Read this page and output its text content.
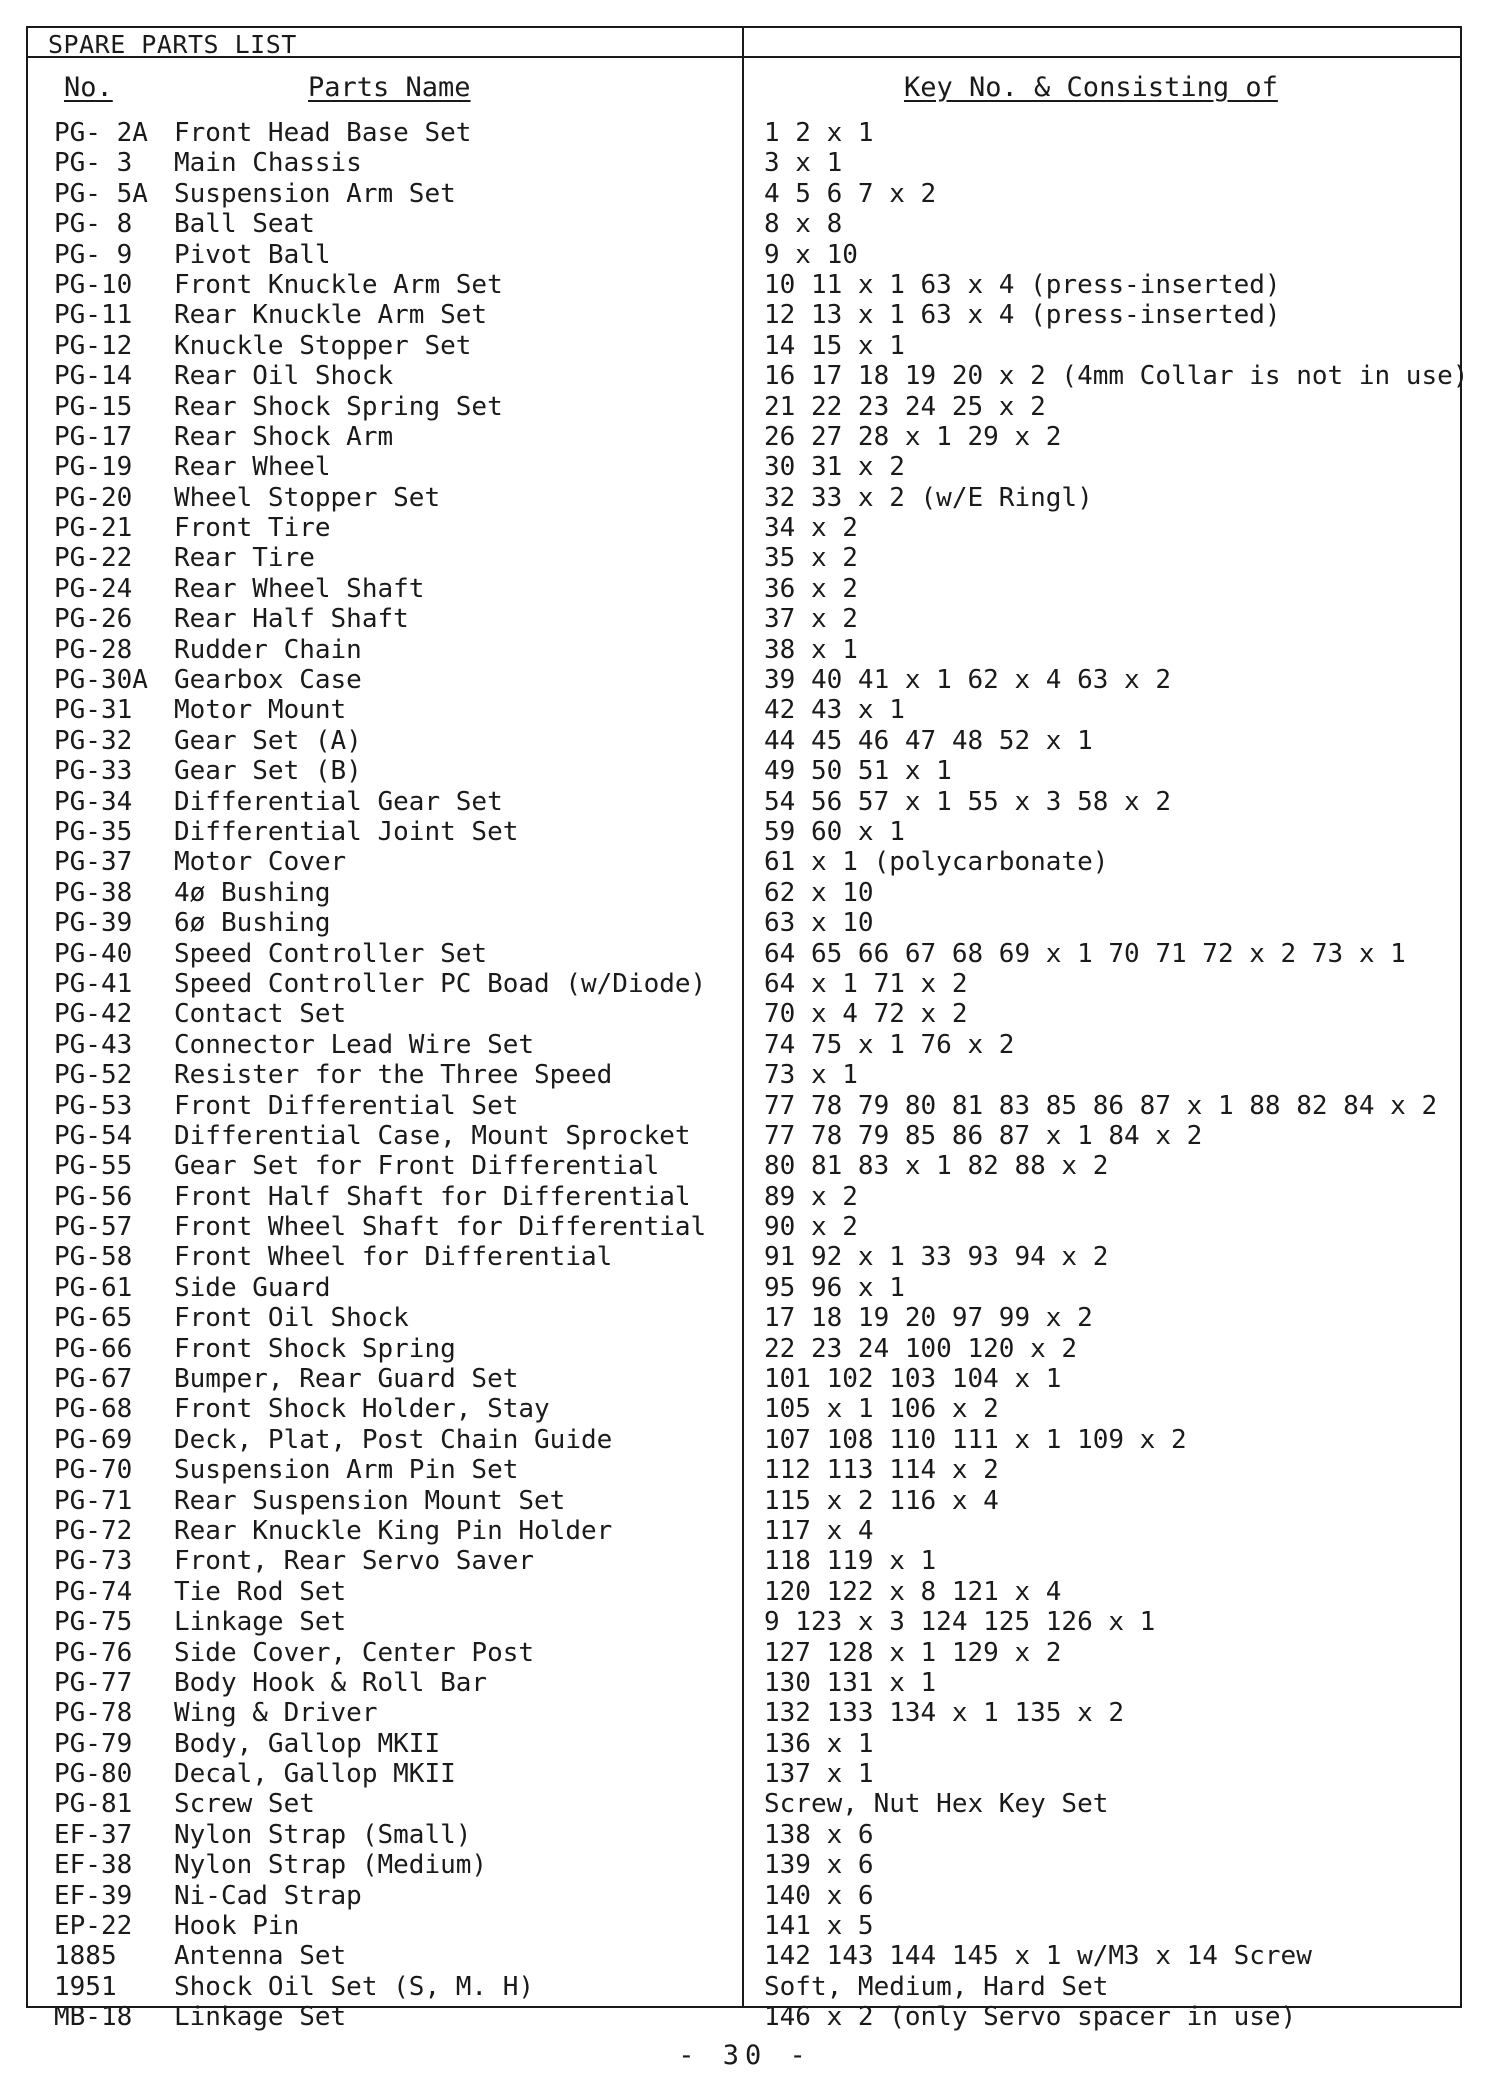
SPARE PARTS LIST
No.	Parts Name	Key No. & Consisting of
PG- 2A Front Head Base Set	1 2 x 1
PG- 3 Main Chassis	3 x 1
PG- 5A Suspension Arm Set	4 5 6 7 x 2
PG- 8 Ball Seat	8 x 8
PG- 9 Pivot Ball	9 x 10
PG-10 Front Knuckle Arm Set	10 11 x 1 63 x 4 (press-inserted)
PG-11 Rear Knuckle Arm Set	12 13 x 1 63 x 4 (press-inserted)
PG-12 Knuckle Stopper Set	14 15 x 1
PG-14 Rear Oil Shock	16 17 18 19 20 x 2 (4mm Collar is not in use)
PG-15 Rear Shock Spring Set	21 22 23 24 25 x 2
PG-17 Rear Shock Arm	26 27 28 x 1 29 x 2
PG-19 Rear Wheel	30 31 x 2
PG-20 Wheel Stopper Set	32 33 x 2 (w/E Ringl)
PG-21 Front Tire	34 x 2
PG-22 Rear Tire	35 x 2
PG-24 Rear Wheel Shaft	36 x 2
PG-26 Rear Half Shaft	37 x 2
PG-28 Rudder Chain	38 x 1
PG-30A Gearbox Case	39 40 41 x 1 62 x 4 63 x 2
PG-31 Motor Mount	42 43 x 1
PG-32 Gear Set (A)	44 45 46 47 48 52 x 1
PG-33 Gear Set (B)	49 50 51 x 1
PG-34 Differential Gear Set	54 56 57 x 1 55 x 3 58 x 2
PG-35 Differential Joint Set	59 60 x 1
PG-37 Motor Cover	61 x 1 (polycarbonate)
PG-38 4ø Bushing	62 x 10
PG-39 6ø Bushing	63 x 10
PG-40 Speed Controller Set	64 65 66 67 68 69 x 1 70 71 72 x 2 73 x 1
PG-41 Speed Controller PC Boad (w/Diode) 64 x 1 71 x 2
PG-42 Contact Set	70 x 4 72 x 2
PG-43 Connector Lead Wire Set	74 75 x 1 76 x 2
PG-52 Resister for the Three Speed	73 x 1
PG-53 Front Differential Set	77 78 79 80 81 83 85 86 87 x 1 88 82 84 x 2
PG-54 Differential Case, Mount Sprocket	77 78 79 85 86 87 x 1 84 x 2
PG-55 Gear Set for Front Differential	80 81 83 x 1 82 88 x 2
PG-56 Front Half Shaft for Differential	89 x 2
PG-57 Front Wheel Shaft for Differential 90 x 2
PG-58 Front Wheel for Differential	91 92 x 1 33 93 94 x 2
PG-61 Side Guard	95 96 x 1
PG-65 Front Oil Shock	17 18 19 20 97 99 x 2
PG-66 Front Shock Spring	22 23 24 100 120 x 2
PG-67 Bumper, Rear Guard Set	101 102 103 104 x 1
PG-68 Front Shock Holder, Stay	105 x 1 106 x 2
PG-69 Deck, Plat, Post Chain Guide	107 108 110 111 x 1 109 x 2
PG-70 Suspension Arm Pin Set	112 113 114 x 2
PG-71 Rear Suspension Mount Set	115 x 2 116 x 4
PG-72 Rear Knuckle King Pin Holder	117 x 4
PG-73 Front, Rear Servo Saver	118 119 x 1
PG-74 Tie Rod Set	120 122 x 8 121 x 4
PG-75 Linkage Set	9 123 x 3 124 125 126 x 1
PG-76 Side Cover, Center Post	127 128 x 1 129 x 2
PG-77 Body Hook & Roll Bar	130 131 x 1
PG-78 Wing & Driver	132 133 134 x 1 135 x 2
PG-79 Body, Gallop MKII	136 x 1
PG-80 Decal, Gallop MKII	137 x 1
PG-81 Screw Set	Screw, Nut Hex Key Set
EF-37 Nylon Strap (Small)	138 x 6
EF-38 Nylon Strap (Medium)	139 x 6
EF-39 Ni-Cad Strap	140 x 6
EP-22 Hook Pin	141 x 5
1885 Antenna Set	142 143 144 145 x 1 w/M3 x 14 Screw
1951 Shock Oil Set (S, M. H)	Soft, Medium, Hard Set
MB-18 Linkage Set	146 x 2 (only Servo spacer in use)
- 30 -
